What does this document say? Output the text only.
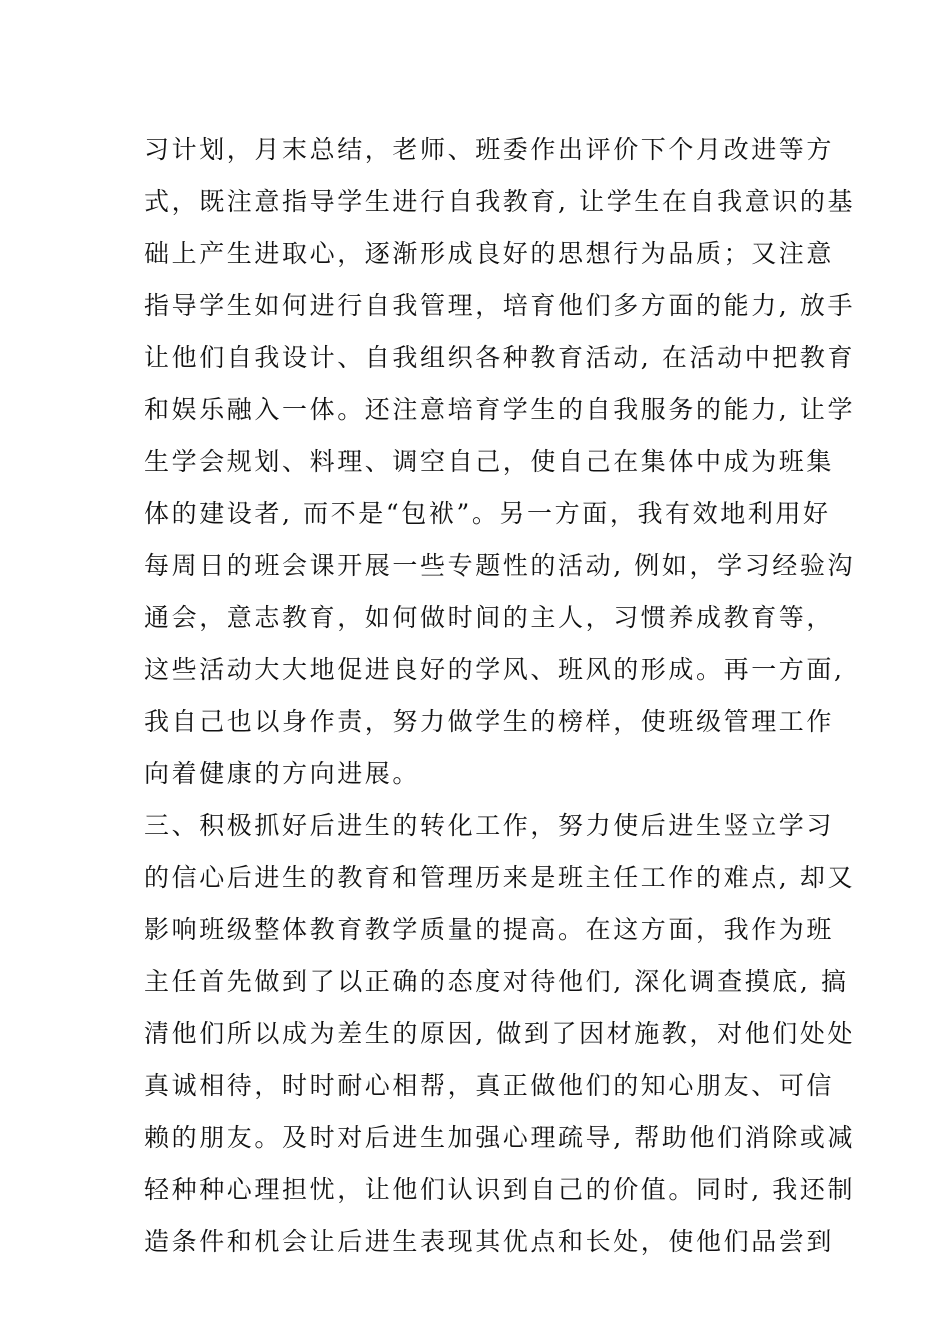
习计划，月末总结，老师、班委作出评价下个月改进等方
式，既注意指导学生进行自我教育, 让学生在自我意识的基
础上产生进取心，逐渐形成良好的思想行为品质；又注意
指导学生如何进行自我管理，培育他们多方面的能力, 放手
让他们自我设计、自我组织各种教育活动, 在活动中把教育
和娱乐融入一体。还注意培育学生的自我服务的能力, 让学
生学会规划、料理、调空自己，使自己在集体中成为班集
体的建设者, 而不是“包袱”。另一方面，我有效地利用好
每周日的班会课开展一些专题性的活动, 例如，学习经验沟
通会，意志教育，如何做时间的主人，习惯养成教育等，
这些活动大大地促进良好的学风、班风的形成。再一方面,
我自己也以身作责，努力做学生的榜样，使班级管理工作
向着健康的方向进展。
三、积极抓好后进生的转化工作，努力使后进生竖立学习
的信心后进生的教育和管理历来是班主任工作的难点, 却又
影响班级整体教育教学质量的提高。在这方面，我作为班
主任首先做到了以正确的态度对待他们, 深化调查摸底, 搞
清他们所以成为差生的原因, 做到了因材施教，对他们处处
真诚相待，时时耐心相帮，真正做他们的知心朋友、可信
赖的朋友。及时对后进生加强心理疏导, 帮助他们消除或减
轻种种心理担忧，让他们认识到自己的价值。同时, 我还制
造条件和机会让后进生表现其优点和长处，使他们品尝到
